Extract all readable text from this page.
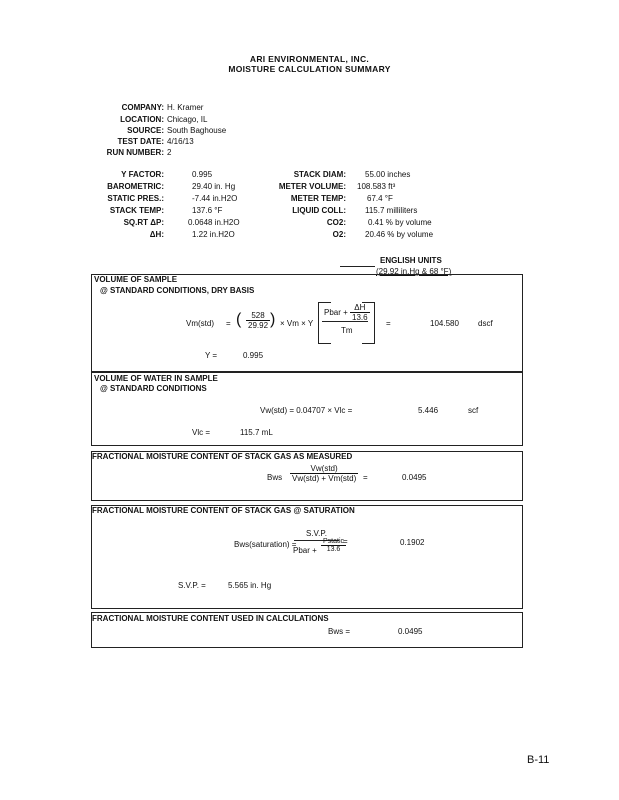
ARI ENVIRONMENTAL, INC.
MOISTURE CALCULATION SUMMARY
COMPANY: H. Kramer
LOCATION: Chicago, IL
SOURCE: South Baghouse
TEST DATE: 4/16/13
RUN NUMBER: 2
Y FACTOR:	0.995
BAROMETRIC:	29.40 in. Hg
STATIC PRES.:	-7.44 in.H2O
STACK TEMP:	137.6 °F
SQ.RT ΔP:	0.0648 in.H2O
ΔH:	1.22 in.H2O
STACK DIAM: 55.00 inches
METER VOLUME: 108.583 ft³
METER TEMP:	67.4 °F
LIQUID COLL: 115.7 milliliters
CO2:	0.41 % by volume
O2: 20.46 % by volume
ENGLISH UNITS
(29.92 in.Hg & 68 °F)
VOLUME OF SAMPLE
@ STANDARD CONDITIONS, DRY BASIS
Vm(std) = ( $\frac{528}{29.92}$ ) × Vm × Y
Pbar + $\frac{\Delta H}{13.6}$
Tm
=	104.580 dscf
Y =	0.995
VOLUME OF WATER IN SAMPLE
@ STANDARD CONDITIONS
Vw(std) = 0.04707 × Vlc =	5.446	scf
Vlc =	115.7 mL
FRACTIONAL MOISTURE CONTENT OF STACK GAS AS MEASURED
Bws $\frac{\text{Vw(std)}}{\text{Vw(std) + Vm(std)}}$ =	0.0495
FRACTIONAL MOISTURE CONTENT OF STACK GAS @ SATURATION
Bws(saturation) =
S.V.P.
Pbar + $\frac{\text{Pstatic}}{13.6}$
=	0.1902
S.V.P. =	5.565 in. Hg
FRACTIONAL MOISTURE CONTENT USED IN CALCULATIONS
Bws =	0.0495
B-11
